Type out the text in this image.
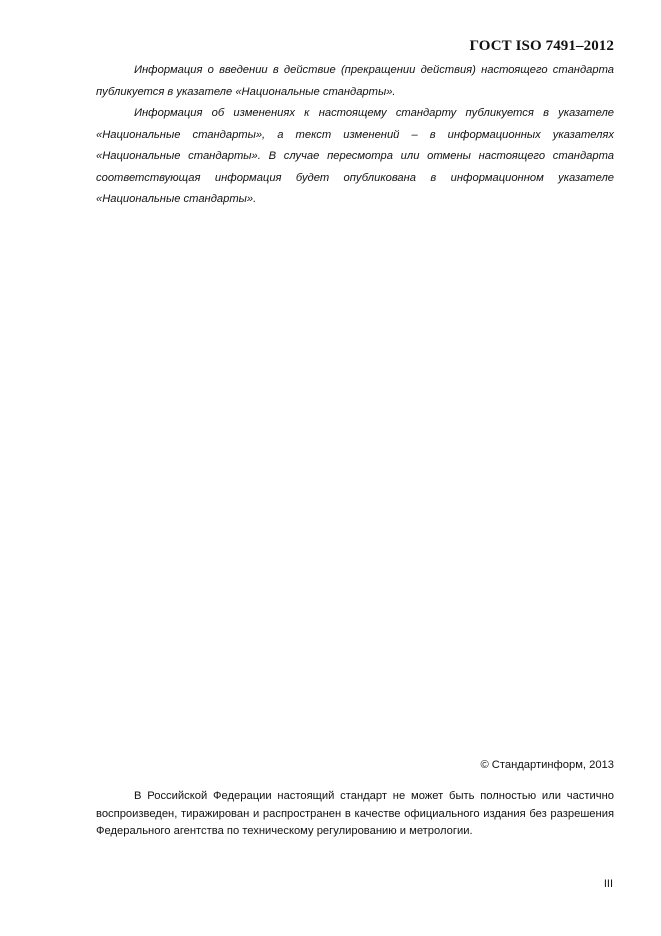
ГОСТ ISO 7491–2012

Информация о введении в действие (прекращении действия) настоящего стандарта публикуется в указателе «Национальные стандарты».

Информация об изменениях к настоящему стандарту публикуется в указателе «Национальные стандарты», а текст изменений – в информационных указателях «Национальные стандарты». В случае пересмотра или отмены настоящего стандарта соответствующая информация будет опубликована в информационном указателе «Национальные стандарты».

© Стандартинформ, 2013

В Российской Федерации настоящий стандарт не может быть полностью или частично воспроизведен, тиражирован и распространен в качестве официального издания без разрешения Федерального агентства по техническому регулированию и метрологии.

III
